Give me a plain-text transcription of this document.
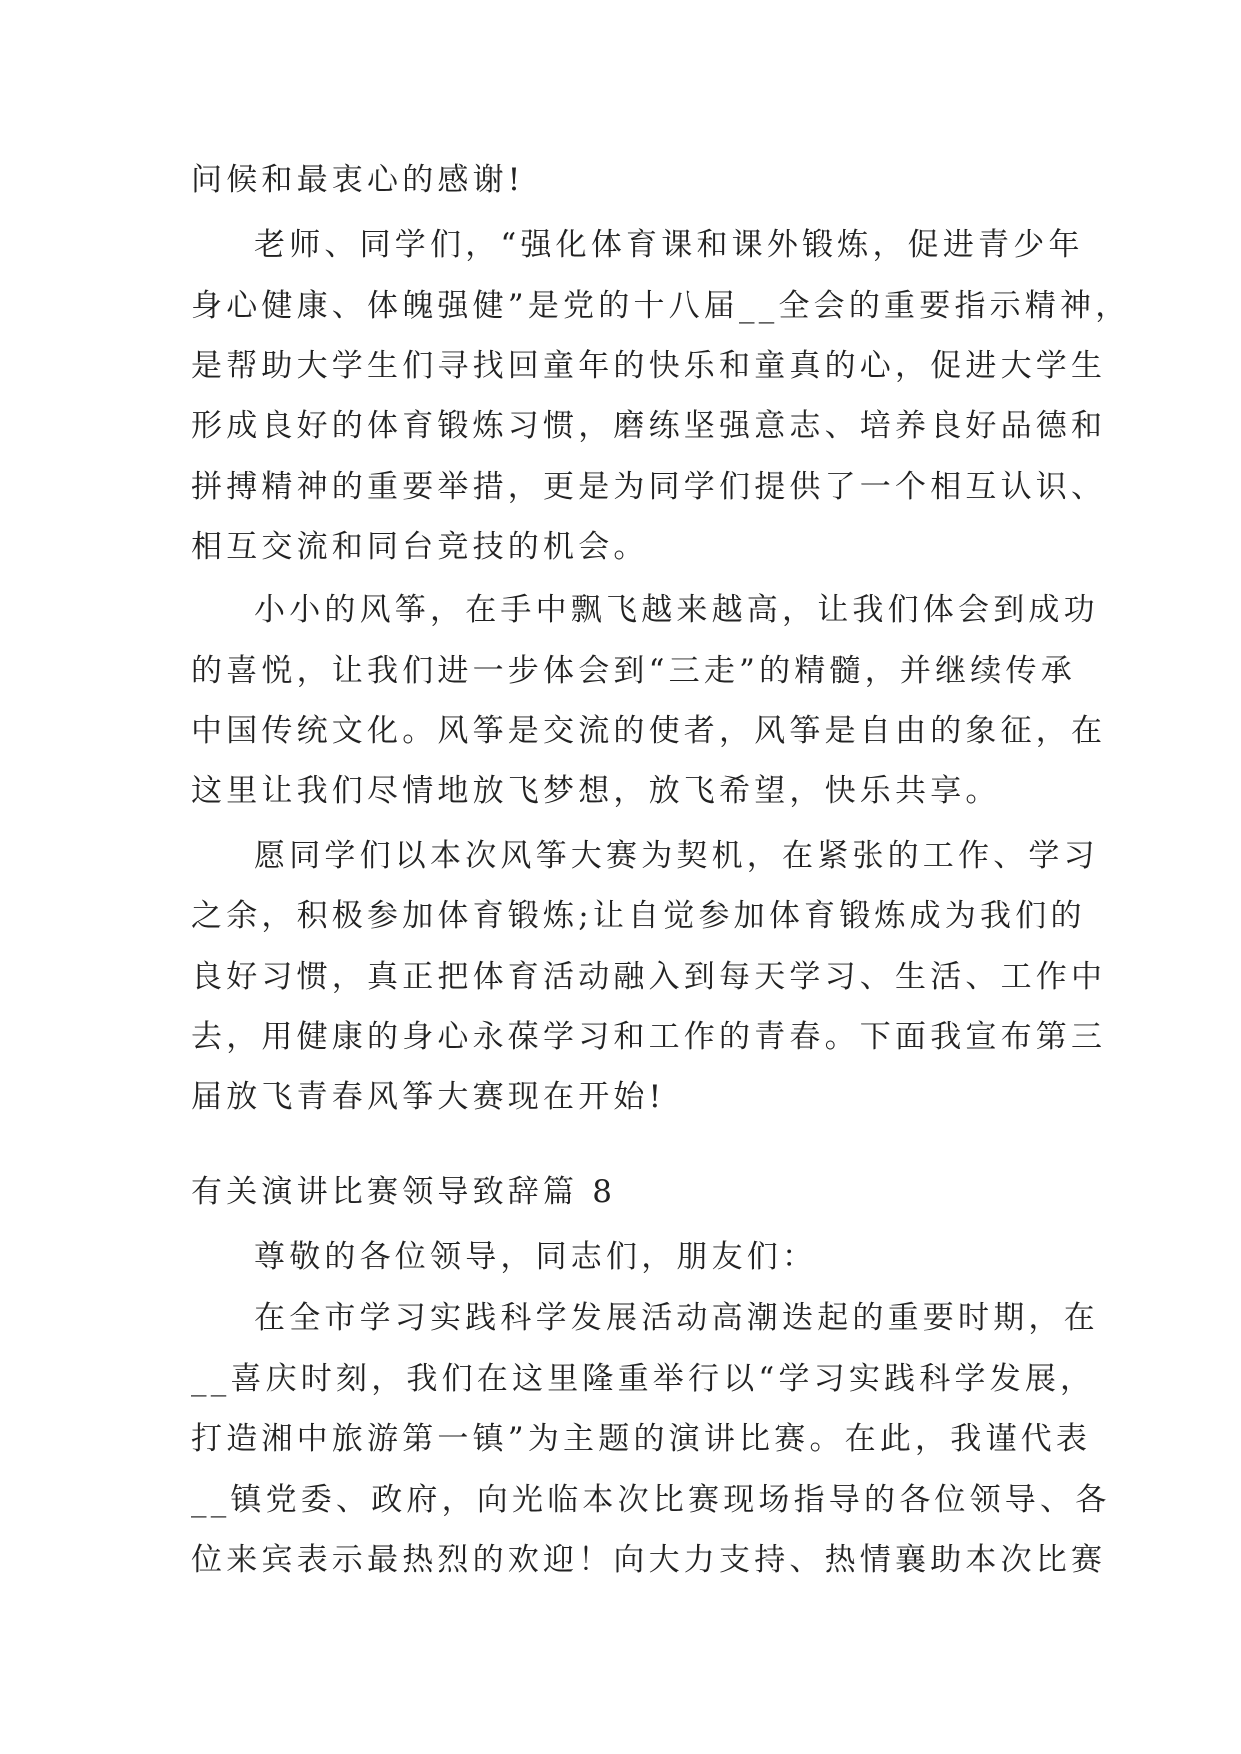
问候和最衷心的感谢!
老师、同学们，“强化体育课和课外锻炼，促进青少年
身心健康、体魄强健”是党的十八届__全会的重要指示精神，
是帮助大学生们寻找回童年的快乐和童真的心，促进大学生
形成良好的体育锻炼习惯，磨练坚强意志、培养良好品德和
拼搏精神的重要举措，更是为同学们提供了一个相互认识、
相互交流和同台竞技的机会。
小小的风筝，在手中飘飞越来越高，让我们体会到成功
的喜悦，让我们进一步体会到“三走”的精髓，并继续传承
中国传统文化。风筝是交流的使者，风筝是自由的象征，在
这里让我们尽情地放飞梦想，放飞希望，快乐共享。
愿同学们以本次风筝大赛为契机，在紧张的工作、学习
之余，积极参加体育锻炼;让自觉参加体育锻炼成为我们的
良好习惯，真正把体育活动融入到每天学习、生活、工作中
去，用健康的身心永葆学习和工作的青春。下面我宣布第三
届放飞青春风筝大赛现在开始!
有关演讲比赛领导致辞篇 8
尊敬的各位领导，同志们，朋友们：
在全市学习实践科学发展活动高潮迭起的重要时期，在
__喜庆时刻，我们在这里隆重举行以“学习实践科学发展，
打造湘中旅游第一镇”为主题的演讲比赛。在此，我谨代表
__镇党委、政府，向光临本次比赛现场指导的各位领导、各
位来宾表示最热烈的欢迎！向大力支持、热情襄助本次比赛
